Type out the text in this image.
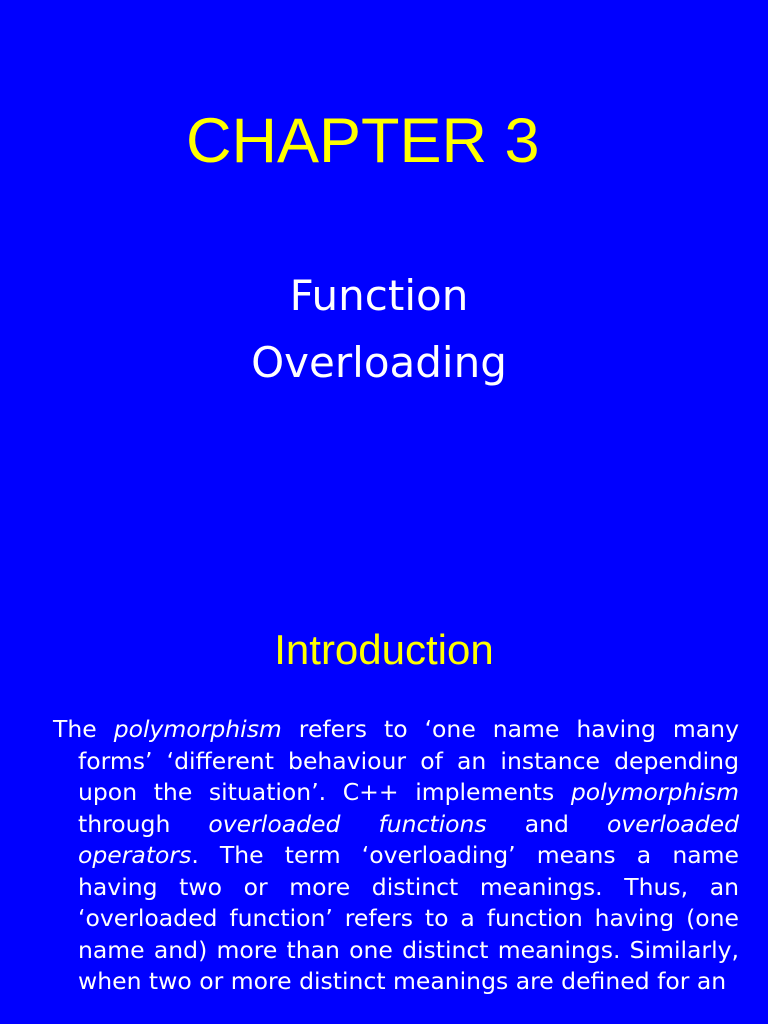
CHAPTER 3
Function
Overloading
Introduction

The polymorphism refers to ‘one name having many forms’ ‘different behaviour of an instance depending upon the situation’. C++ implements polymorphism through overloaded functions and overloaded operators. The term ‘overloading’ means a name having two or more distinct meanings. Thus, an ‘overloaded function’ refers to a function having (one name and) more than one distinct meanings. Similarly, when two or more distinct meanings are defined for an
